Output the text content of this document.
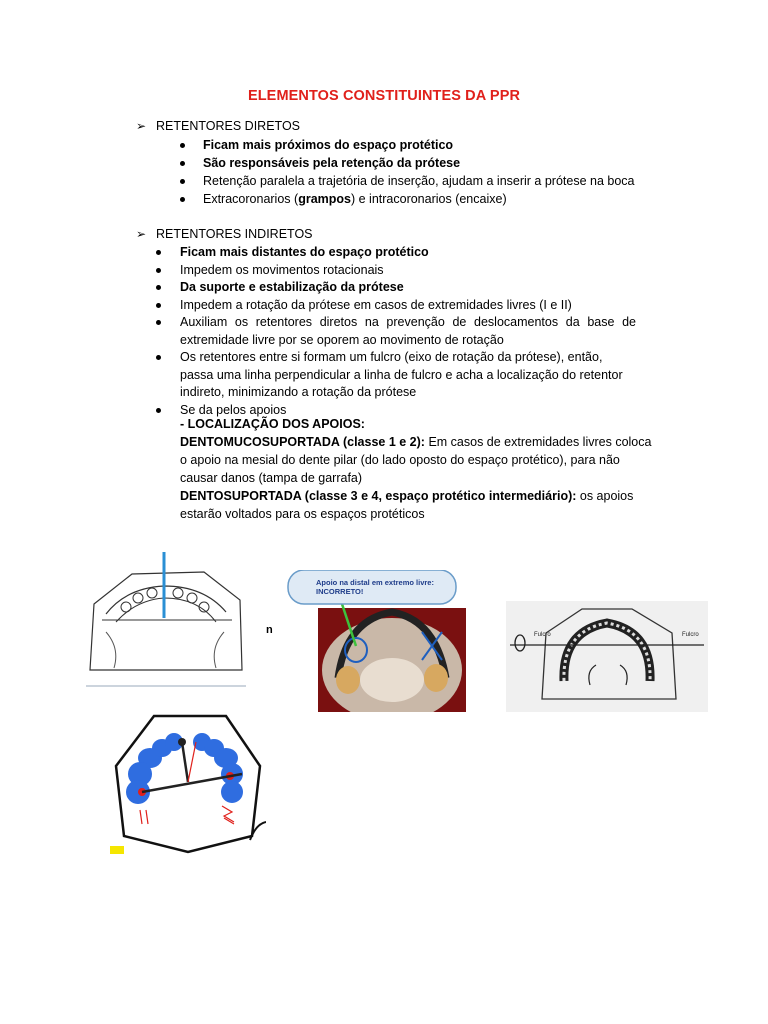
ELEMENTOS CONSTITUINTES DA PPR
➢ RETENTORES DIRETOS
Ficam mais próximos do espaço protético
São responsáveis pela retenção da prótese
Retenção paralela a trajetória de inserção, ajudam a inserir a prótese na boca
Extracoronarios (grampos) e intracoronarios (encaixe)
➢ RETENTORES INDIRETOS
Ficam mais distantes do espaço protético
Impedem os movimentos rotacionais
Da suporte e estabilização da prótese
Impedem a rotação da prótese em casos de extremidades livres (I e II)
Auxiliam os retentores diretos na prevenção de deslocamentos da base de extremidade livre por se oporem ao movimento de rotação
Os retentores entre si formam um fulcro (eixo de rotação da prótese), então, passa uma linha perpendicular a linha de fulcro e acha a localização do retentor indireto, minimizando a rotação da prótese
Se da pelos apoios
- LOCALIZAÇÃO DOS APOIOS:
DENTOMUCOSUPORTADA (classe 1 e 2): Em casos de extremidades livres coloca o apoio na mesial do dente pilar (do lado oposto do espaço protético), para não causar danos (tampa de garrafa)
DENTOSUPORTADA (classe 3 e 4, espaço protético intermediário): os apoios estarão voltados para os espaços protéticos
n
Apoio na distal em extremo livre: INCORRETO!
Fulcro	Fulcro
